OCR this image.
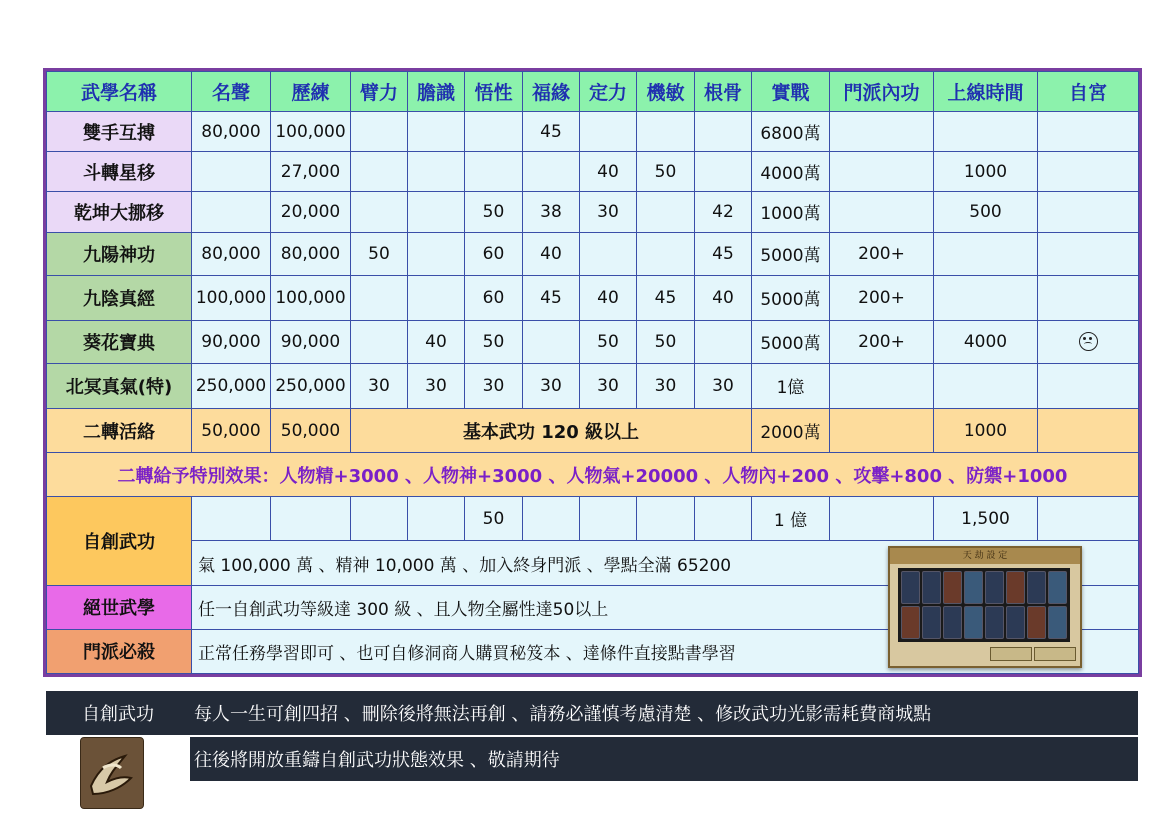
武學名稱	名聲	歷練	臂力	膽識	悟性	福緣	定力	機敏	根骨	實戰	門派內功	上線時間	自宮
雙手互搏	80,000	100,000				45				6800萬			
斗轉星移		27,000					40	50		4000萬		1000	
乾坤大挪移		20,000			50	38	30		42	1000萬		500	
九陽神功	80,000	80,000	50		60	40			45	5000萬	200+		
九陰真經	100,000	100,000			60	45	40	45	40	5000萬	200+		
葵花寶典	90,000	90,000		40	50		50	50		5000萬	200+	4000	
北冥真氣(特)	250,000	250,000	30	30	30	30	30	30	30	1億			
二轉活絡	50,000	50,000	基本武功 120 級以上							2000萬		1000	
二轉給予特別效果：人物精+3000 、人物神+3000 、人物氣+20000 、人物內+200 、攻擊+800 、防禦+1000													
自創武功					50					1 億		1,500	
	氣 100,000 萬 、精神 10,000 萬 、加入終身門派 、學點全滿 65200												
絕世武學	任一自創武功等級達 300 級 、且人物全屬性達50以上												
門派必殺	正常任務學習即可 、也可自修洞商人購買秘笈本 、達條件直接點書學習												
天 劫 設 定
自創武功	每人一生可創四招 、刪除後將無法再創 、請務必謹慎考慮清楚 、修改武功光影需耗費商城點
往後將開放重鑄自創武功狀態效果 、敬請期待
